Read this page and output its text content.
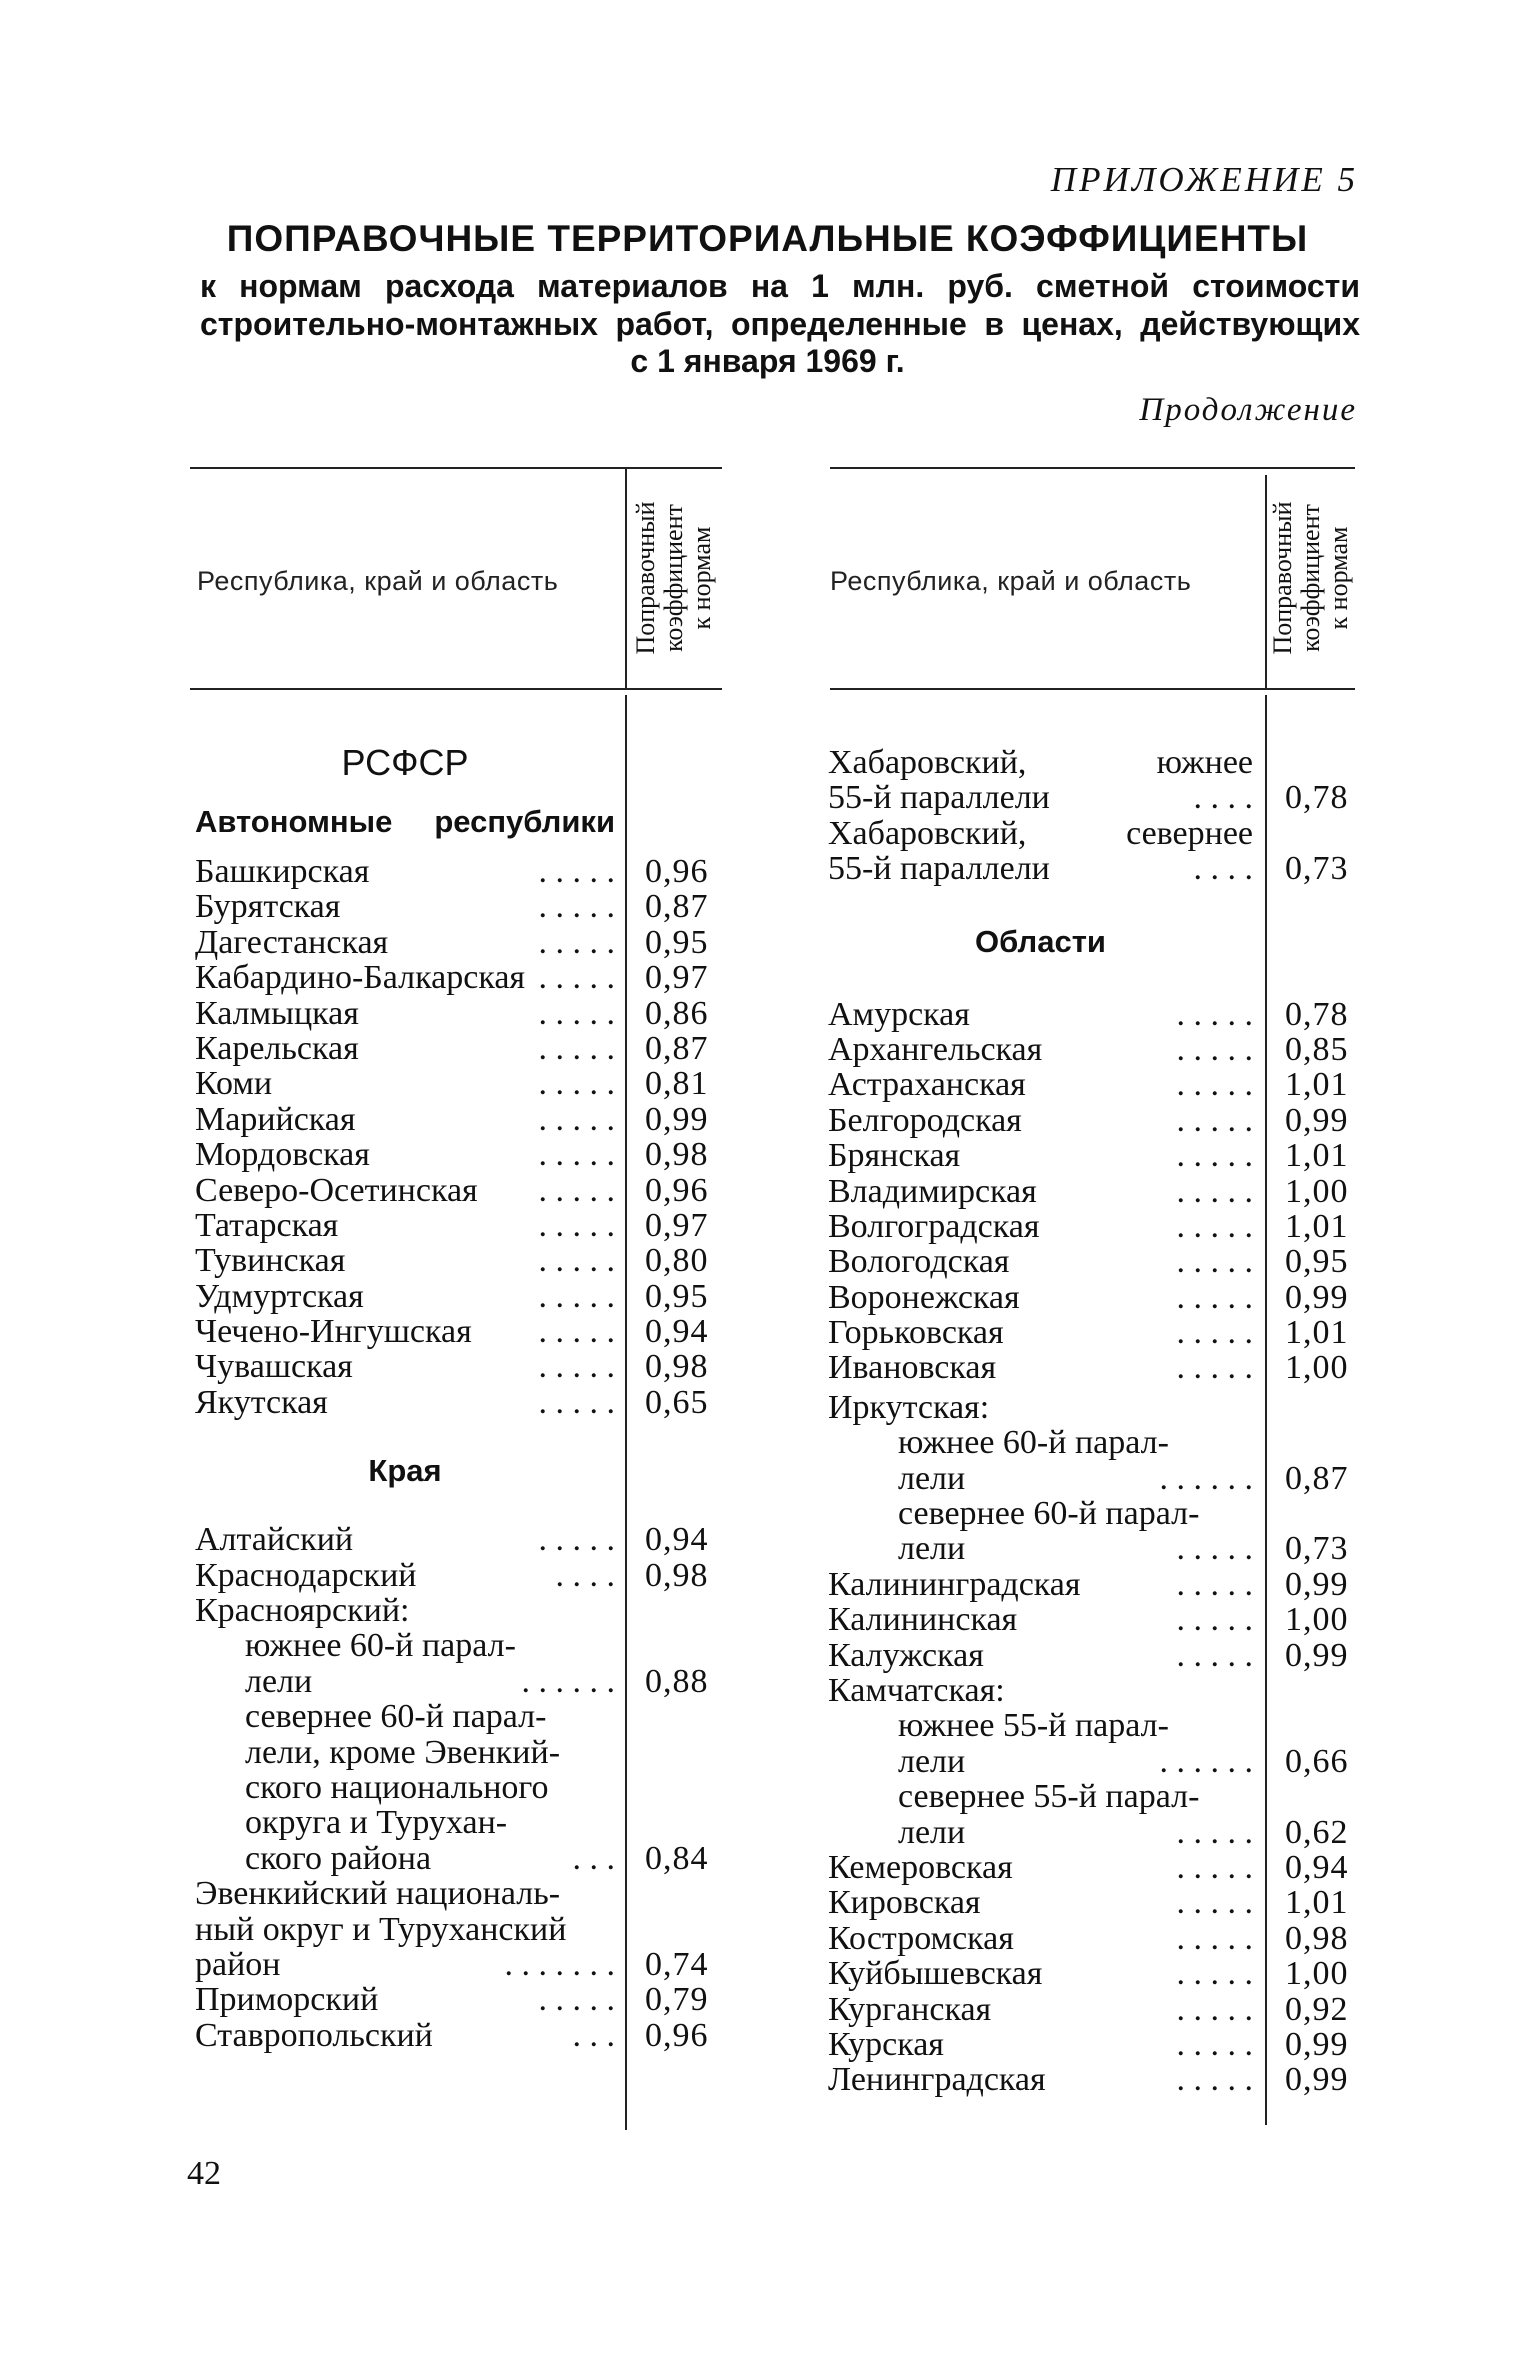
ПРИЛОЖЕНИЕ 5
ПОПРАВОЧНЫЕ ТЕРРИТОРИАЛЬНЫЕ КОЭФФИЦИЕНТЫ
к нормам расхода материалов на 1 млн. руб. сметной стоимости
строительно-монтажных работ, определенные в ценах, действующих
с 1 января 1969 г.
Продолжение
Республика, край и область	Республика, край и область
Поправочный коэффициент к нормам	Поправочный коэффициент к нормам
РСФСР
Автономные республики
Башкирская	. . . . . 0,96
Бурятская	. . . . . 0,87
Дагестанская	. . . . . 0,95
Кабардино-Балкарская . . . . . 0,97
Калмыцкая	. . . . . 0,86
Карельская	. . . . . 0,87
Коми	. . . . . 0,81
Марийская	. . . . . 0,99
Мордовская	. . . . . 0,98
Северо-Осетинская . . . . . 0,96
Татарская	. . . . . 0,97
Тувинская	. . . . . 0,80
Удмуртская	. . . . . 0,95
Чечено-Ингушская . . . . . 0,94
Чувашская	. . . . . 0,98
Якутская	. . . . . 0,65
Края
Алтайский	. . . . . 0,94
Краснодарский	. . . . 0,98
Красноярский:
южнее 60-й парал-
лели	. . . . . . 0,88
севернее 60-й парал-
лели, кроме Эвенкий-
ского национального
округа и Турухан-
ского района	. . . 0,84
Эвенкийский националь-
ный округ и Туруханский
район	. . . . . . . 0,74
Приморский	. . . . . 0,79
Ставропольский	. . . 0,96
Хабаровский, южнее
55-й параллели	. . . . 0,78
Хабаровский, севернее
55-й параллели	. . . . 0,73
Области
Амурская	. . . . . 0,78
Архангельская	. . . . . 0,85
Астраханская	. . . . . 1,01
Белгородская	. . . . . 0,99
Брянская	. . . . . 1,01
Владимирская	. . . . . 1,00
Волгоградская	. . . . . 1,01
Вологодская	. . . . . 0,95
Воронежская	. . . . . 0,99
Горьковская	. . . . . 1,01
Ивановская	. . . . . 1,00
Иркутская:
южнее 60-й парал-
лели	. . . . . . 0,87
севернее 60-й парал-
лели	. . . . . 0,73
Калининградская	. . . . . 0,99
Калининская	. . . . . 1,00
Калужская	. . . . . 0,99
Камчатская:
южнее 55-й парал-
лели	. . . . . . 0,66
севернее 55-й парал-
лели	. . . . . 0,62
Кемеровская	. . . . . 0,94
Кировская	. . . . . 1,01
Костромская	. . . . . 0,98
Куйбышевская	. . . . . 1,00
Курганская	. . . . . 0,92
Курская	. . . . . 0,99
Ленинградская	. . . . . 0,99
42
